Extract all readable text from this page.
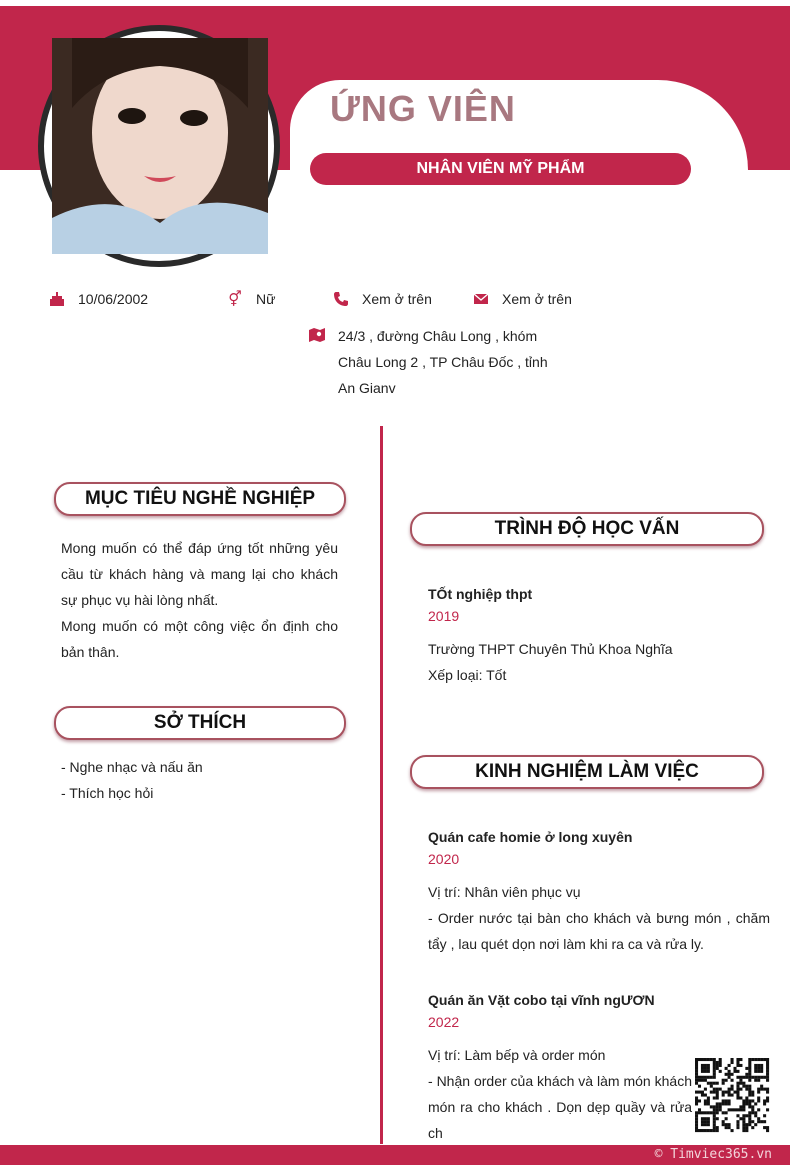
ỨNG VIÊN
NHÂN VIÊN MỸ PHẨM
10/06/2002	⚥ Nữ	Xem ở trên	Xem ở trên
24/3 , đường Châu Long , khóm
Châu Long 2 , TP Châu Đốc , tỉnh
An Gianv
MỤC TIÊU NGHỀ NGHIỆP

Mong muốn có thể đáp ứng tốt những yêu cầu từ khách hàng và mang lại cho khách sự phục vụ hài lòng nhất.

Mong muốn có một công việc ổn định cho bản thân.

SỞ THÍCH

- Nghe nhạc và nấu ăn

- Thích học hỏi

TRÌNH ĐỘ HỌC VẤN

TỐt nghiệp thpt

2019

Trường THPT Chuyên Thủ Khoa Nghĩa

Xếp loại: Tốt

KINH NGHIỆM LÀM VIỆC

Quán cafe homie ở long xuyên

2020

Vị trí: Nhân viên phục vụ

- Order nước tại bàn cho khách và bưng món , chăm tẩy , lau quét dọn nơi làm khi ra ca và rửa ly.

Quán ăn Vặt cobo tại vĩnh ngƯƠN

2022

Vị trí: Làm bếp và order món

- Nhận order của khách và làm món khách món ra cho khách . Dọn dẹp quầy và rửa ch

© Timviec365.vn
